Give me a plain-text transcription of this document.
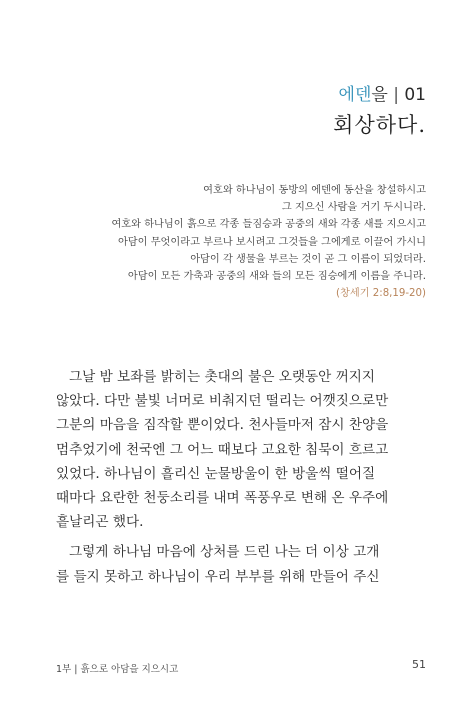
에덴을 | 01
회상하다.
여호와 하나님이 동방의 에덴에 동산을 창설하시고
그 지으신 사람을 거기 두시니라.
여호와 하나님이 흙으로 각종 들짐승과 공중의 새와 각종 새를 지으시고
아담이 무엇이라고 부르나 보시려고 그것들을 그에게로 이끌어 가시니
아담이 각 생물을 부르는 것이 곧 그 이름이 되었더라.
아담이 모든 가축과 공중의 새와 들의 모든 짐승에게 이름을 주니라.
(창세기 2:8,19-20)
그날 밤 보좌를 밝히는 촛대의 불은 오랫동안 꺼지지
않았다. 다만 불빛 너머로 비춰지던 떨리는 어깻짓으로만
그분의 마음을 짐작할 뿐이었다. 천사들마저 잠시 찬양을
멈추었기에 천국엔 그 어느 때보다 고요한 침묵이 흐르고
있었다. 하나님이 흘리신 눈물방울이 한 방울씩 떨어질
때마다 요란한 천둥소리를 내며 폭풍우로 변해 온 우주에
흩날리곤 했다.
그렇게 하나님 마음에 상처를 드린 나는 더 이상 고개
를 들지 못하고 하나님이 우리 부부를 위해 만들어 주신
1부 | 흙으로 아담을 지으시고	51
